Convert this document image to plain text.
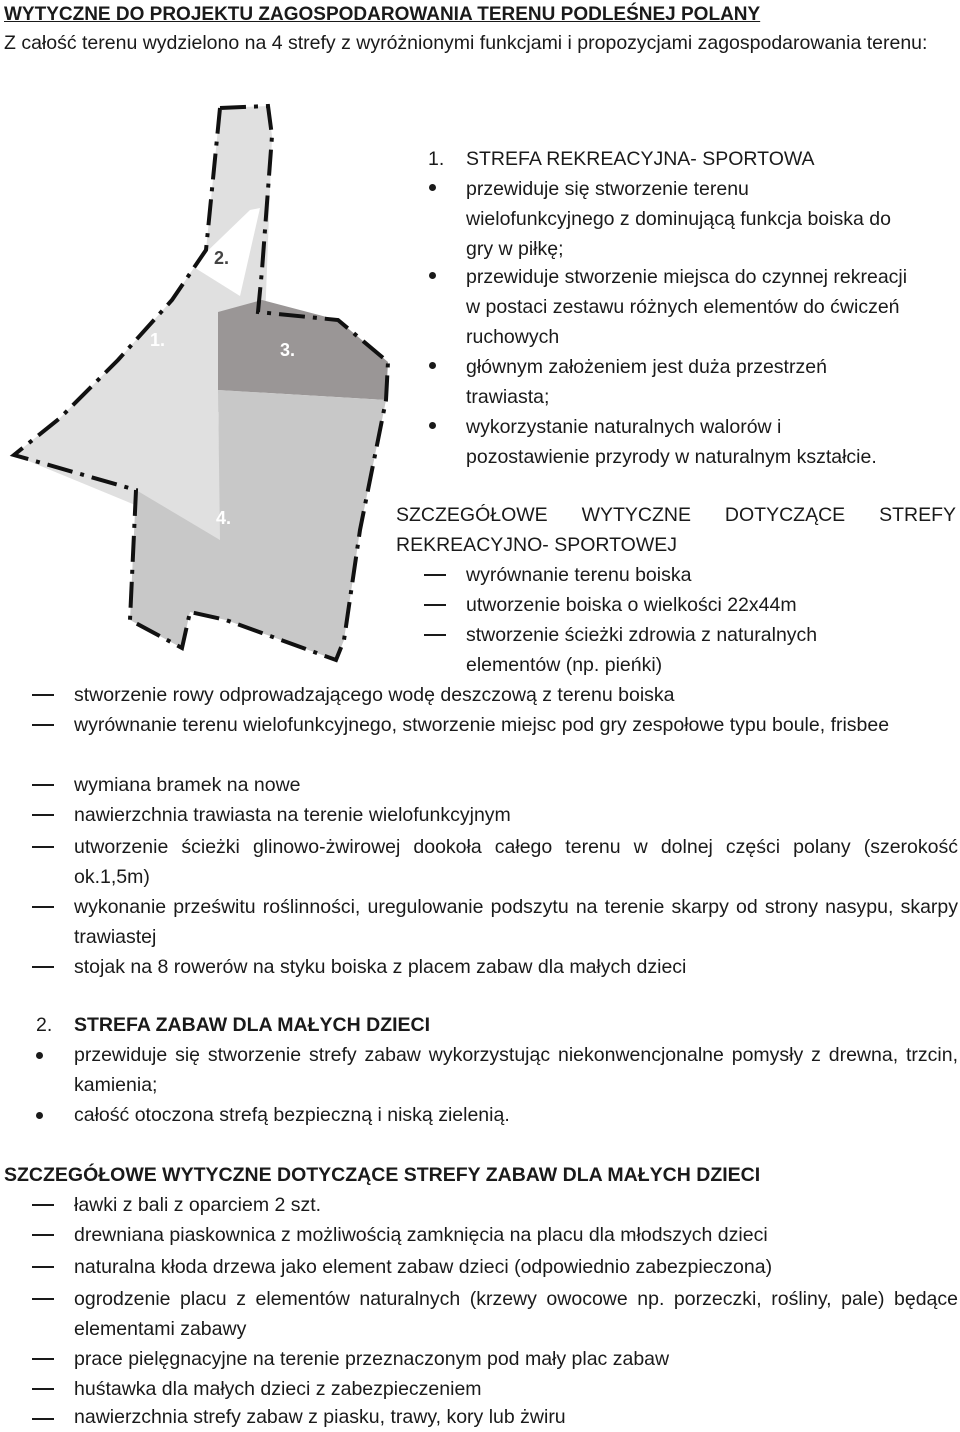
WYTYCZNE DO PROJEKTU ZAGOSPODAROWANIA TERENU PODLEŚNEJ POLANY
Z całość terenu wydzielono na 4 strefy z wyróżnionymi funkcjami i propozycjami zagospodarowania terenu:
1.
2.
3.
4.
1. STREFA REKREACYJNA- SPORTOWA
przewiduje się stworzenie terenu
wielofunkcyjnego z dominującą funkcja boiska do
gry w piłkę;
przewiduje stworzenie miejsca do czynnej rekreacji
w postaci zestawu różnych elementów do ćwiczeń
ruchowych
głównym założeniem jest duża przestrzeń
trawiasta;
wykorzystanie naturalnych walorów i
pozostawienie przyrody w naturalnym kształcie.
SZCZEGÓŁOWE WYTYCZNE DOTYCZĄCE STREFY
REKREACYJNO- SPORTOWEJ
wyrównanie terenu boiska
utworzenie boiska o wielkości 22x44m
stworzenie ścieżki zdrowia z naturalnych
elementów (np. pieńki)
stworzenie rowy odprowadzającego wodę deszczową z terenu boiska
wyrównanie terenu wielofunkcyjnego, stworzenie miejsc pod gry zespołowe typu boule, frisbee
wymiana bramek na nowe
nawierzchnia trawiasta na terenie wielofunkcyjnym
utworzenie ścieżki glinowo-żwirowej dookoła całego terenu w dolnej części polany (szerokość ok.1,5m)
wykonanie prześwitu roślinności, uregulowanie podszytu na terenie skarpy od strony nasypu, skarpy trawiastej
stojak na 8 rowerów na styku boiska z placem zabaw dla małych dzieci
2. STREFA ZABAW DLA MAŁYCH DZIECI
przewiduje się stworzenie strefy zabaw wykorzystując niekonwencjonalne pomysły z drewna, trzcin, kamienia;
całość otoczona strefą bezpieczną i niską zielenią.
SZCZEGÓŁOWE WYTYCZNE DOTYCZĄCE STREFY ZABAW DLA MAŁYCH DZIECI
ławki z bali z oparciem 2 szt.
drewniana piaskownica z możliwością zamknięcia na placu dla młodszych dzieci
naturalna kłoda drzewa jako element zabaw dzieci (odpowiednio zabezpieczona)
ogrodzenie placu z elementów naturalnych (krzewy owocowe np. porzeczki, rośliny, pale) będące elementami zabawy
prace pielęgnacyjne na terenie przeznaczonym pod mały plac zabaw
huśtawka dla małych dzieci z zabezpieczeniem
nawierzchnia strefy zabaw z piasku, trawy, kory lub żwiru
